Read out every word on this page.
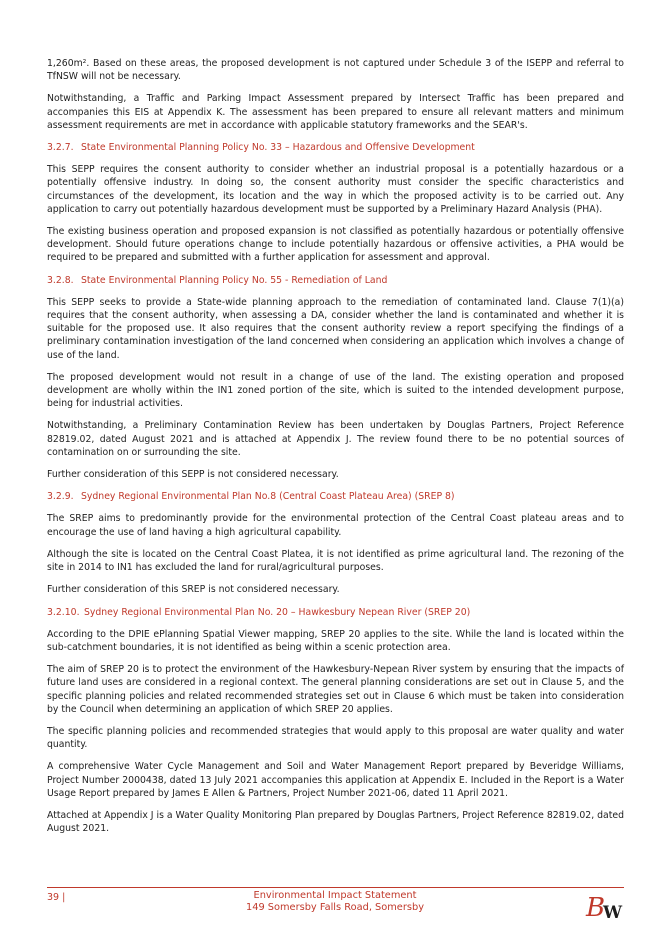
1,260m². Based on these areas, the proposed development is not captured under Schedule 3 of the ISEPP and referral to TfNSW will not be necessary.

Notwithstanding, a Traffic and Parking Impact Assessment prepared by Intersect Traffic has been prepared and accompanies this EIS at Appendix K. The assessment has been prepared to ensure all relevant matters and minimum assessment requirements are met in accordance with applicable statutory frameworks and the SEAR's.

3.2.7. State Environmental Planning Policy No. 33 – Hazardous and Offensive Development

This SEPP requires the consent authority to consider whether an industrial proposal is a potentially hazardous or a potentially offensive industry. In doing so, the consent authority must consider the specific characteristics and circumstances of the development, its location and the way in which the proposed activity is to be carried out. Any application to carry out potentially hazardous development must be supported by a Preliminary Hazard Analysis (PHA).

The existing business operation and proposed expansion is not classified as potentially hazardous or potentially offensive development. Should future operations change to include potentially hazardous or offensive activities, a PHA would be required to be prepared and submitted with a further application for assessment and approval.

3.2.8. State Environmental Planning Policy No. 55 - Remediation of Land

This SEPP seeks to provide a State-wide planning approach to the remediation of contaminated land. Clause 7(1)(a) requires that the consent authority, when assessing a DA, consider whether the land is contaminated and whether it is suitable for the proposed use. It also requires that the consent authority review a report specifying the findings of a preliminary contamination investigation of the land concerned when considering an application which involves a change of use of the land.

The proposed development would not result in a change of use of the land. The existing operation and proposed development are wholly within the IN1 zoned portion of the site, which is suited to the intended development purpose, being for industrial activities.

Notwithstanding, a Preliminary Contamination Review has been undertaken by Douglas Partners, Project Reference 82819.02, dated August 2021 and is attached at Appendix J. The review found there to be no potential sources of contamination on or surrounding the site.

Further consideration of this SEPP is not considered necessary.

3.2.9. Sydney Regional Environmental Plan No.8 (Central Coast Plateau Area) (SREP 8)

The SREP aims to predominantly provide for the environmental protection of the Central Coast plateau areas and to encourage the use of land having a high agricultural capability.

Although the site is located on the Central Coast Platea, it is not identified as prime agricultural land. The rezoning of the site in 2014 to IN1 has excluded the land for rural/agricultural purposes.

Further consideration of this SREP is not considered necessary.

3.2.10. Sydney Regional Environmental Plan No. 20 – Hawkesbury Nepean River (SREP 20)

According to the DPIE ePlanning Spatial Viewer mapping, SREP 20 applies to the site. While the land is located within the sub-catchment boundaries, it is not identified as being within a scenic protection area.

The aim of SREP 20 is to protect the environment of the Hawkesbury-Nepean River system by ensuring that the impacts of future land uses are considered in a regional context. The general planning considerations are set out in Clause 5, and the specific planning policies and related recommended strategies set out in Clause 6 which must be taken into consideration by the Council when determining an application of which SREP 20 applies.

The specific planning policies and recommended strategies that would apply to this proposal are water quality and water quantity.

A comprehensive Water Cycle Management and Soil and Water Management Report prepared by Beveridge Williams, Project Number 2000438, dated 13 July 2021 accompanies this application at Appendix E. Included in the Report is a Water Usage Report prepared by James E Allen & Partners, Project Number 2021-06, dated 11 April 2021.

Attached at Appendix J is a Water Quality Monitoring Plan prepared by Douglas Partners, Project Reference 82819.02, dated August 2021.

39 |	Environmental Impact Statement
149 Somersby Falls Road, Somersby	B
W
